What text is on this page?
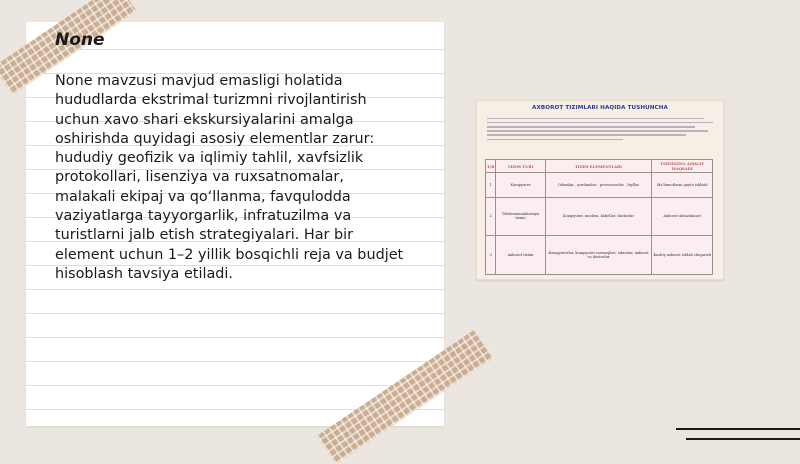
None

None mavzusi mavjud emasligi holatida hududlarda ekstrimal turizmni rivojlantirish uchun xavo shari ekskursiyalarini amalga oshirishda quyidagi asosiy elementlar zarur: hududiy geofizik va iqlimiy tahlil, xavfsizlik protokollari, lisenziya va ruxsatnomalar, malakali ekipaj va qo‘llanma, favqulodda vaziyatlarga tayyorgarlik, infratuzilma va turistlarni jalb etish strategiyalari. Har bir element uchun 1–2 yillik bosqichli reja va budjet hisoblash tavsiya etiladi.

AXBOROT TIZIMLARI HAQIDA TUSHUNCHA
T/R	TIZIM TURI	TIZIM ELEMENTLARI	TIZIMNING AMALIY MAQSADI
1	Kompyuter	Odamlar , qurilmalar , protsessorlar , fayllar	Ma'lumotlarni qayta ishlash
2	Telekommunikatsiya tizimi	Kompyuter, modem, kabellar, dasturlar	Axborot almashinuvi
3	Axborot tizimi	Kompyuterlar, kompyuter tarmoqlari, odamlar, axborot va dasturlar	Kasbiy axborot ishlab chiqarish
